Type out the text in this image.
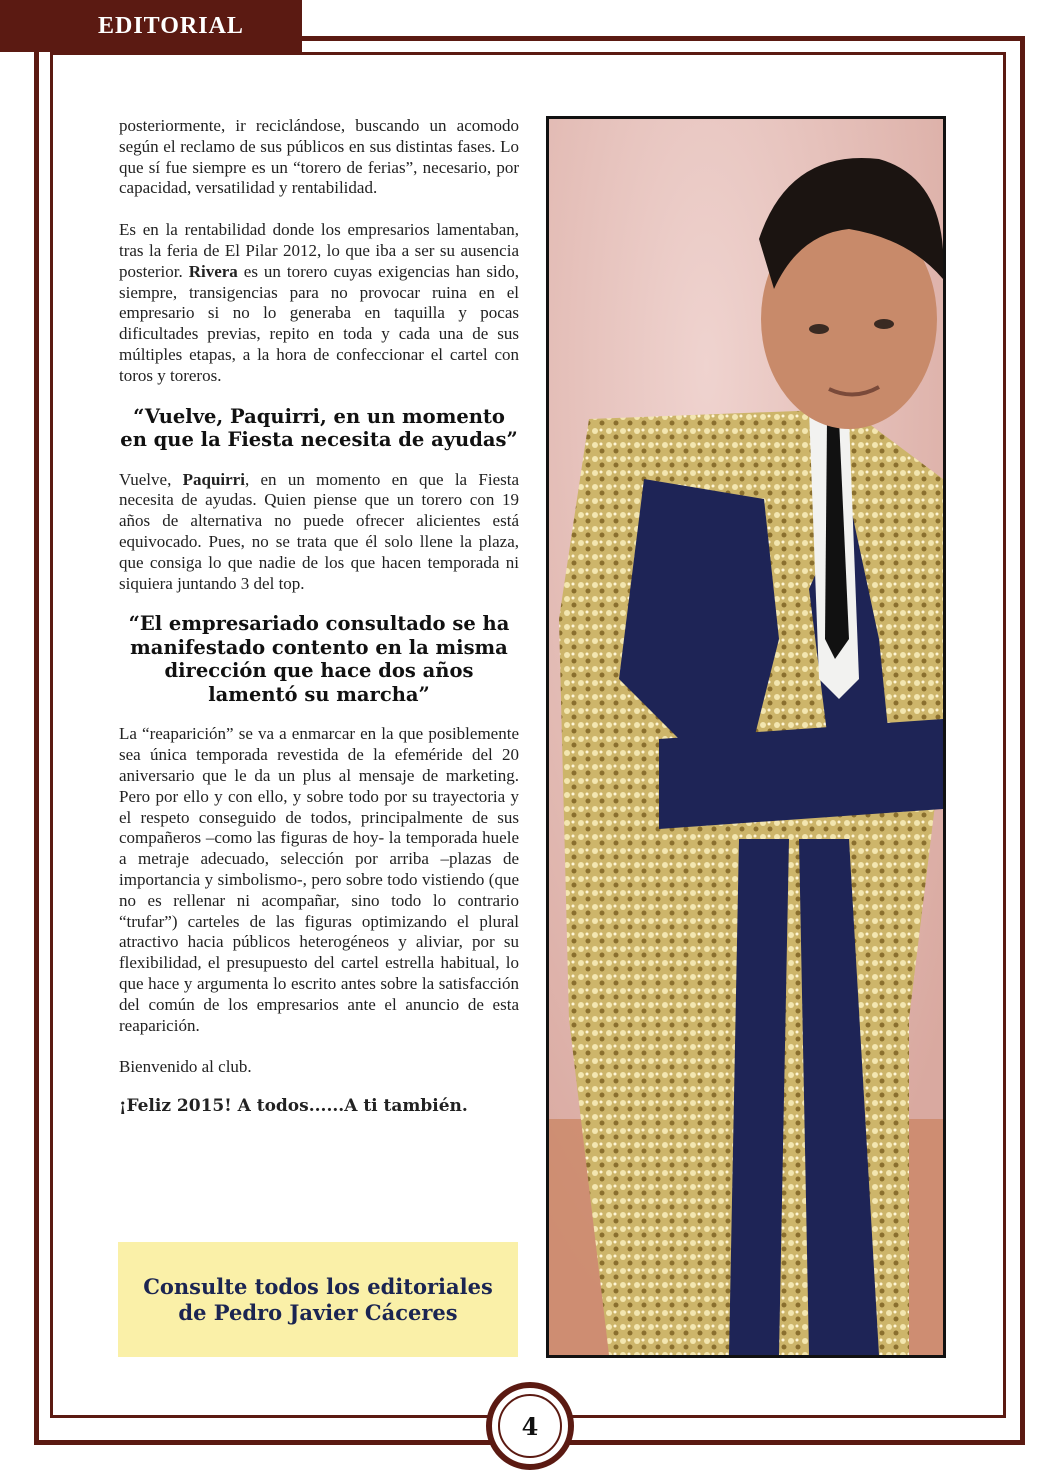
EDITORIAL

posteriormente, ir reciclándose, buscando un acomodo según el reclamo de sus públicos en sus distintas fases. Lo que sí fue siempre es un “torero de ferias”, necesario, por capacidad, versatilidad y rentabilidad.

Es en la rentabilidad donde los empresarios lamentaban, tras la feria de El Pilar 2012, lo que iba a ser su ausencia posterior. Rivera es un torero cuyas exigencias han sido, siempre, transigencias para no provocar ruina en el empresario si no lo generaba en taquilla y pocas dificultades previas, repito en toda y cada una de sus múltiples etapas, a la hora de confeccionar el cartel con toros y toreros.

“Vuelve, Paquirri, en un momento en que la Fiesta necesita de ayudas”

Vuelve, Paquirri, en un momento en que la Fiesta necesita de ayudas. Quien piense que un torero con 19 años de alternativa no puede ofrecer alicientes está equivocado. Pues, no se trata que él solo llene la plaza, que consiga lo que nadie de los que hacen temporada ni siquiera juntando 3 del top.

“El empresariado consultado se ha manifestado contento en la misma dirección que hace dos años lamentó su marcha”

La “reaparición” se va a enmarcar en la que posiblemente sea única temporada revestida de la efeméride del 20 aniversario que le da un plus al mensaje de marketing. Pero por ello y con ello, y sobre todo por su trayectoria y el respeto conseguido de todos, principalmente de sus compañeros –como las figuras de hoy- la temporada huele a metraje adecuado, selección por arriba –plazas de importancia y simbolismo-, pero sobre todo vistiendo (que no es rellenar ni acompañar, sino todo lo contrario “trufar”) carteles de las figuras optimizando el plural atractivo hacia públicos heterogéneos y aliviar, por su flexibilidad, el presupuesto del cartel estrella habitual, lo que hace y argumenta lo escrito antes sobre la satisfacción del común de los empresarios ante el anuncio de esta reaparición.

Bienvenido al club.

¡Feliz 2015! A todos......A ti también.
Consulte todos los editoriales
de Pedro Javier Cáceres
4
